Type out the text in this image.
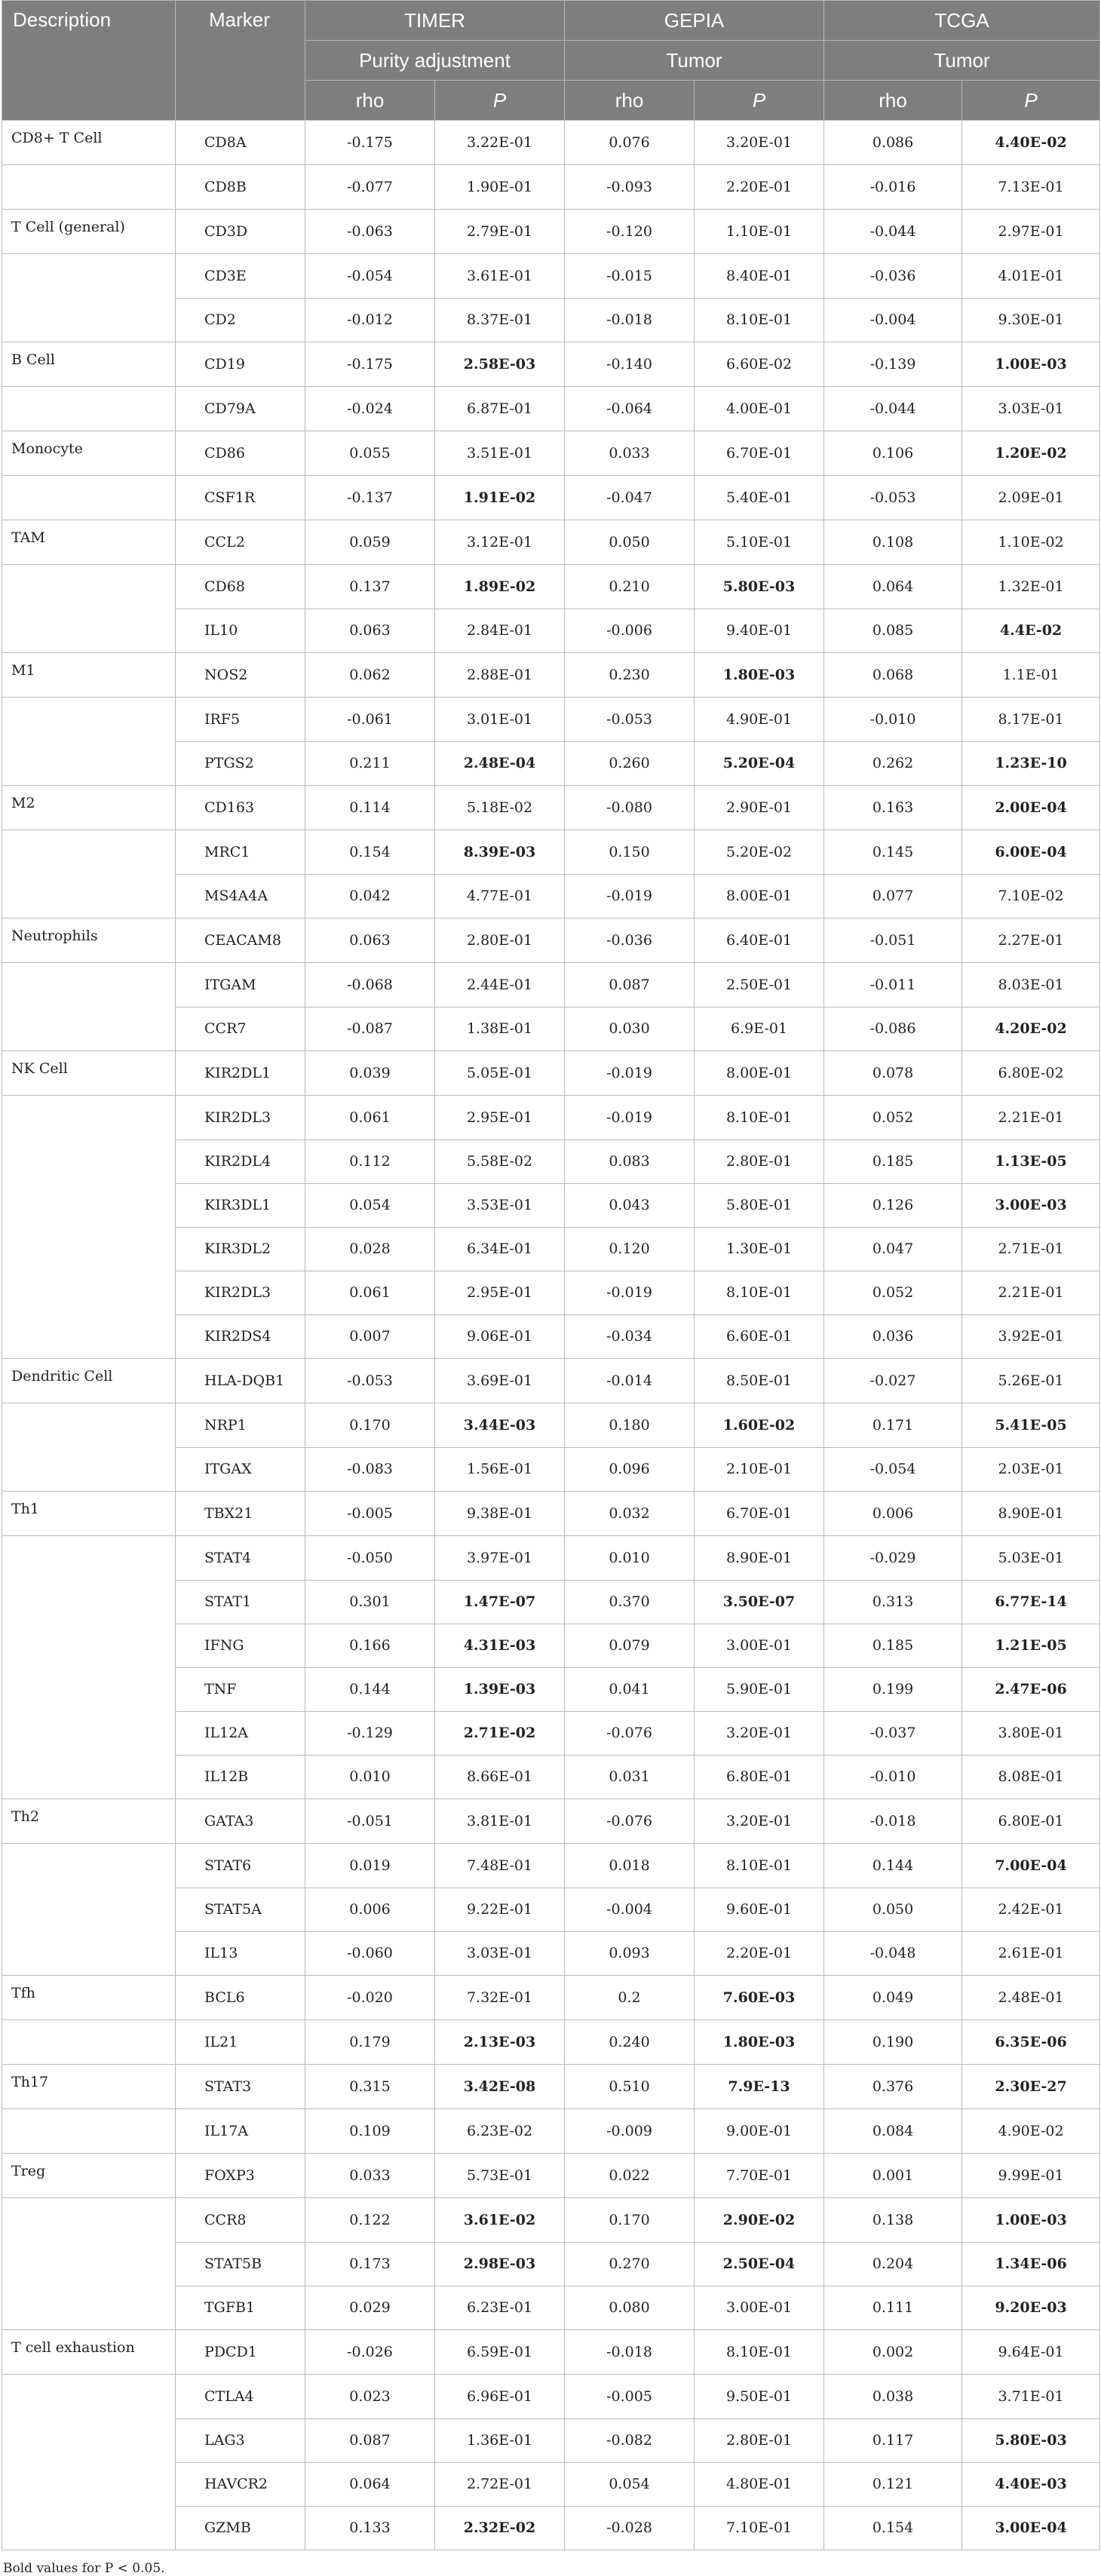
Description	Marker	TIMER		GEPIA		TCGA	
		Purity adjustment		Tumor		Tumor	
		rho	P	rho	P	rho	P
CD8+ T Cell	CD8A	-0.175	3.22E-01	0.076	3.20E-01	0.086	4.40E-02
	CD8B	-0.077	1.90E-01	-0.093	2.20E-01	-0.016	7.13E-01
T Cell (general)	CD3D	-0.063	2.79E-01	-0.120	1.10E-01	-0.044	2.97E-01
	CD3E	-0.054	3.61E-01	-0.015	8.40E-01	-0.036	4.01E-01
	CD2	-0.012	8.37E-01	-0.018	8.10E-01	-0.004	9.30E-01
B Cell	CD19	-0.175	2.58E-03	-0.140	6.60E-02	-0.139	1.00E-03
	CD79A	-0.024	6.87E-01	-0.064	4.00E-01	-0.044	3.03E-01
Monocyte	CD86	0.055	3.51E-01	0.033	6.70E-01	0.106	1.20E-02
	CSF1R	-0.137	1.91E-02	-0.047	5.40E-01	-0.053	2.09E-01
TAM	CCL2	0.059	3.12E-01	0.050	5.10E-01	0.108	1.10E-02
	CD68	0.137	1.89E-02	0.210	5.80E-03	0.064	1.32E-01
	IL10	0.063	2.84E-01	-0.006	9.40E-01	0.085	4.4E-02
M1	NOS2	0.062	2.88E-01	0.230	1.80E-03	0.068	1.1E-01
	IRF5	-0.061	3.01E-01	-0.053	4.90E-01	-0.010	8.17E-01
	PTGS2	0.211	2.48E-04	0.260	5.20E-04	0.262	1.23E-10
M2	CD163	0.114	5.18E-02	-0.080	2.90E-01	0.163	2.00E-04
	MRC1	0.154	8.39E-03	0.150	5.20E-02	0.145	6.00E-04
	MS4A4A	0.042	4.77E-01	-0.019	8.00E-01	0.077	7.10E-02
Neutrophils	CEACAM8	0.063	2.80E-01	-0.036	6.40E-01	-0.051	2.27E-01
	ITGAM	-0.068	2.44E-01	0.087	2.50E-01	-0.011	8.03E-01
	CCR7	-0.087	1.38E-01	0.030	6.9E-01	-0.086	4.20E-02
NK Cell	KIR2DL1	0.039	5.05E-01	-0.019	8.00E-01	0.078	6.80E-02
	KIR2DL3	0.061	2.95E-01	-0.019	8.10E-01	0.052	2.21E-01
	KIR2DL4	0.112	5.58E-02	0.083	2.80E-01	0.185	1.13E-05
	KIR3DL1	0.054	3.53E-01	0.043	5.80E-01	0.126	3.00E-03
	KIR3DL2	0.028	6.34E-01	0.120	1.30E-01	0.047	2.71E-01
	KIR2DL3	0.061	2.95E-01	-0.019	8.10E-01	0.052	2.21E-01
	KIR2DS4	0.007	9.06E-01	-0.034	6.60E-01	0.036	3.92E-01
Dendritic Cell	HLA-DQB1	-0.053	3.69E-01	-0.014	8.50E-01	-0.027	5.26E-01
	NRP1	0.170	3.44E-03	0.180	1.60E-02	0.171	5.41E-05
	ITGAX	-0.083	1.56E-01	0.096	2.10E-01	-0.054	2.03E-01
Th1	TBX21	-0.005	9.38E-01	0.032	6.70E-01	0.006	8.90E-01
	STAT4	-0.050	3.97E-01	0.010	8.90E-01	-0.029	5.03E-01
	STAT1	0.301	1.47E-07	0.370	3.50E-07	0.313	6.77E-14
	IFNG	0.166	4.31E-03	0.079	3.00E-01	0.185	1.21E-05
	TNF	0.144	1.39E-03	0.041	5.90E-01	0.199	2.47E-06
	IL12A	-0.129	2.71E-02	-0.076	3.20E-01	-0.037	3.80E-01
	IL12B	0.010	8.66E-01	0.031	6.80E-01	-0.010	8.08E-01
Th2	GATA3	-0.051	3.81E-01	-0.076	3.20E-01	-0.018	6.80E-01
	STAT6	0.019	7.48E-01	0.018	8.10E-01	0.144	7.00E-04
	STAT5A	0.006	9.22E-01	-0.004	9.60E-01	0.050	2.42E-01
	IL13	-0.060	3.03E-01	0.093	2.20E-01	-0.048	2.61E-01
Tfh	BCL6	-0.020	7.32E-01	0.2	7.60E-03	0.049	2.48E-01
	IL21	0.179	2.13E-03	0.240	1.80E-03	0.190	6.35E-06
Th17	STAT3	0.315	3.42E-08	0.510	7.9E-13	0.376	2.30E-27
	IL17A	0.109	6.23E-02	-0.009	9.00E-01	0.084	4.90E-02
Treg	FOXP3	0.033	5.73E-01	0.022	7.70E-01	0.001	9.99E-01
	CCR8	0.122	3.61E-02	0.170	2.90E-02	0.138	1.00E-03
	STAT5B	0.173	2.98E-03	0.270	2.50E-04	0.204	1.34E-06
	TGFB1	0.029	6.23E-01	0.080	3.00E-01	0.111	9.20E-03
T cell exhaustion	PDCD1	-0.026	6.59E-01	-0.018	8.10E-01	0.002	9.64E-01
	CTLA4	0.023	6.96E-01	-0.005	9.50E-01	0.038	3.71E-01
	LAG3	0.087	1.36E-01	-0.082	2.80E-01	0.117	5.80E-03
	HAVCR2	0.064	2.72E-01	0.054	4.80E-01	0.121	4.40E-03
	GZMB	0.133	2.32E-02	-0.028	7.10E-01	0.154	3.00E-04
Bold values for P < 0.05.
